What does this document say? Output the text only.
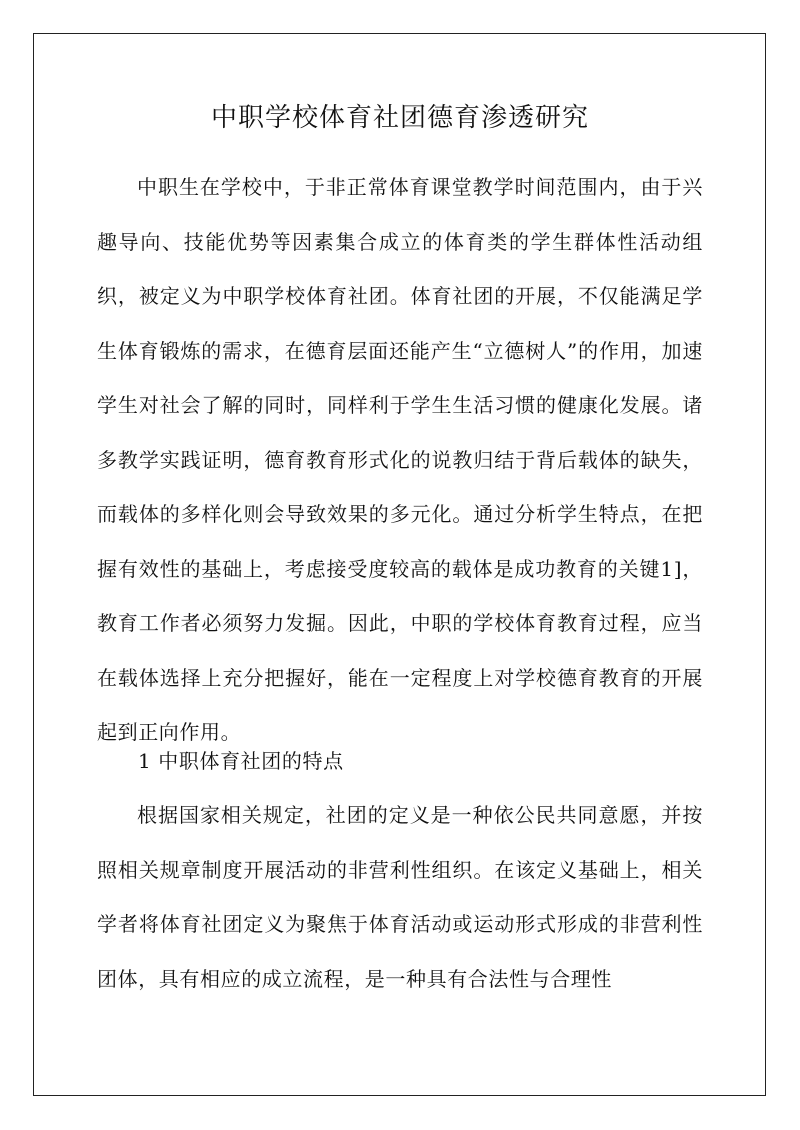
中职学校体育社团德育渗透研究

中职生在学校中，于非正常体育课堂教学时间范围内，由于兴趣导向、技能优势等因素集合成立的体育类的学生群体性活动组织，被定义为中职学校体育社团。体育社团的开展，不仅能满足学生体育锻炼的需求，在德育层面还能产生“立德树人”的作用，加速学生对社会了解的同时，同样利于学生生活习惯的健康化发展。诸多教学实践证明，德育教育形式化的说教归结于背后载体的缺失，而载体的多样化则会导致效果的多元化。通过分析学生特点，在把握有效性的基础上，考虑接受度较高的载体是成功教育的关键1]，教育工作者必须努力发掘。因此，中职的学校体育教育过程，应当在载体选择上充分把握好，能在一定程度上对学校德育教育的开展起到正向作用。

1 中职体育社团的特点

根据国家相关规定，社团的定义是一种依公民共同意愿，并按照相关规章制度开展活动的非营利性组织。在该定义基础上，相关学者将体育社团定义为聚焦于体育活动或运动形式形成的非营利性团体，具有相应的成立流程，是一种具有合法性与合理性
